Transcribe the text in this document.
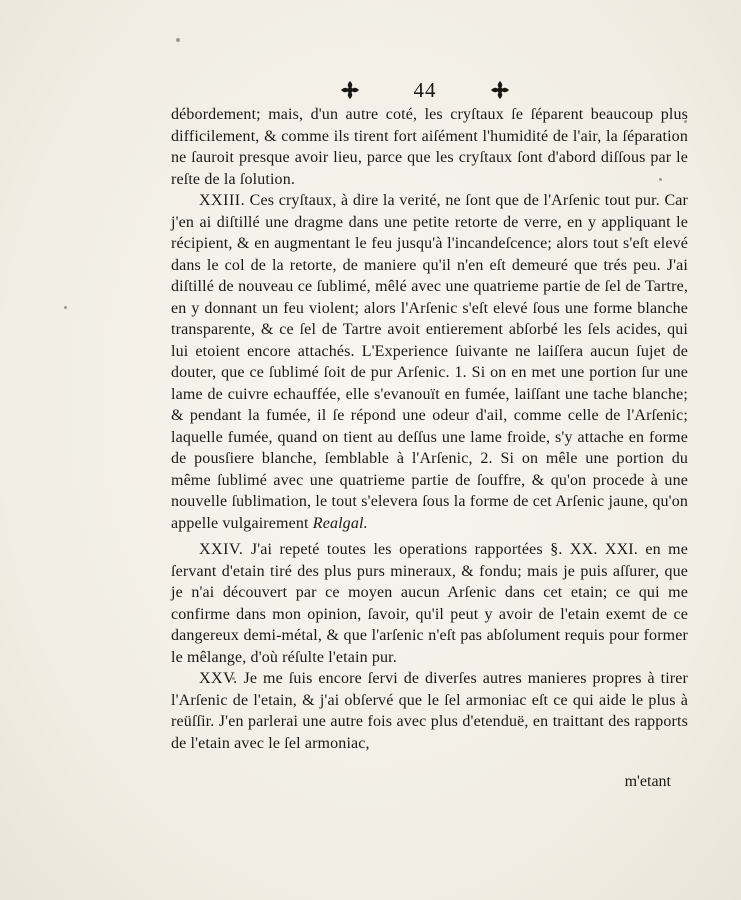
44

débordement; mais, d'un autre coté, les cryſtaux ſe ſéparent beaucoup plus difficilement, & comme ils tirent fort aiſément l'humidité de l'air, la ſéparation ne ſauroit presque avoir lieu, parce que les cryſtaux ſont d'abord diſſous par le reſte de la ſolution.

XXIII. Ces cryſtaux, à dire la verité, ne ſont que de l'Arſenic tout pur. Car j'en ai diſtillé une dragme dans une petite retorte de verre, en y appliquant le récipient, & en augmentant le feu jusqu'à l'incandeſcence; alors tout s'eſt elevé dans le col de la retorte, de maniere qu'il n'en eſt demeuré que trés peu. J'ai diſtillé de nouveau ce ſublimé, mêlé avec une quatrieme partie de ſel de Tartre, en y donnant un feu violent; alors l'Arſenic s'eſt elevé ſous une forme blanche transparente, & ce ſel de Tartre avoit entierement abſorbé les ſels acides, qui lui etoient encore attachés. L'Experience ſuivante ne laiſſera aucun ſujet de douter, que ce ſublimé ſoit de pur Arſenic. 1. Si on en met une portion ſur une lame de cuivre echauffée, elle s'evanouït en fumée, laiſſant une tache blanche; & pendant la fumée, il ſe répond une odeur d'ail, comme celle de l'Arſenic; laquelle fumée, quand on tient au deſſus une lame froide, s'y attache en forme de pousſiere blanche, ſemblable à l'Arſenic, 2. Si on mêle une portion du même ſublimé avec une quatrieme partie de ſouffre, & qu'on procede à une nouvelle ſublimation, le tout s'elevera ſous la forme de cet Arſenic jaune, qu'on appelle vulgairement Realgal.

XXIV. J'ai repeté toutes les operations rapportées §. XX. XXI. en me ſervant d'etain tiré des plus purs mineraux, & fondu; mais je puis aſſurer, que je n'ai découvert par ce moyen aucun Arſenic dans cet etain; ce qui me confirme dans mon opinion, ſavoir, qu'il peut y avoir de l'etain exemt de ce dangereux demi-métal, & que l'arſenic n'eſt pas abſolument requis pour former le mêlange, d'où réſulte l'etain pur.

XXV. Je me ſuis encore ſervi de diverſes autres manieres propres à tirer l'Arſenic de l'etain, & j'ai obſervé que le ſel armoniac eſt ce qui aide le plus à reüſſir. J'en parlerai une autre fois avec plus d'etenduë, en traittant des rapports de l'etain avec le ſel armoniac,

m'etant
